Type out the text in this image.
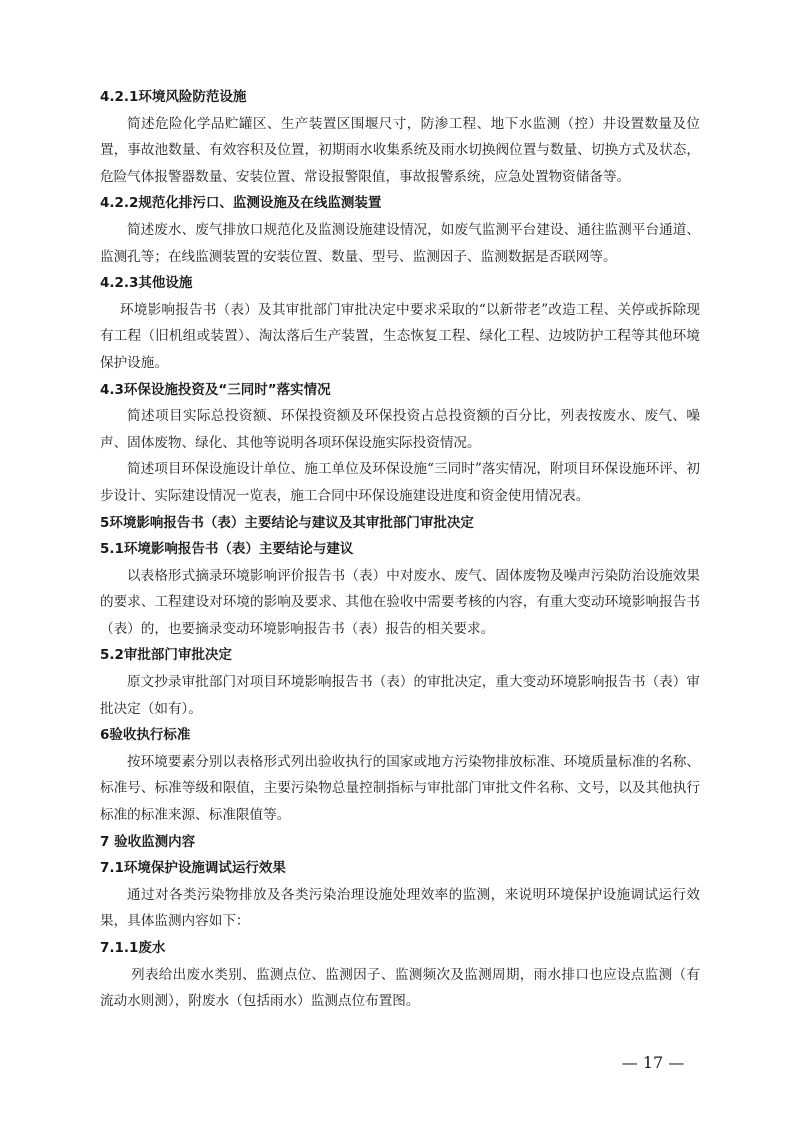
4.2.1环境风险防范设施

简述危险化学品贮罐区、生产装置区围堰尺寸，防渗工程、地下水监测（控）井设置数量及位置，事故池数量、有效容积及位置，初期雨水收集系统及雨水切换阀位置与数量、切换方式及状态，危险气体报警器数量、安装位置、常设报警限值，事故报警系统，应急处置物资储备等。

4.2.2规范化排污口、监测设施及在线监测装置

简述废水、废气排放口规范化及监测设施建设情况，如废气监测平台建设、通往监测平台通道、监测孔等；在线监测装置的安装位置、数量、型号、监测因子、监测数据是否联网等。

4.2.3其他设施

环境影响报告书（表）及其审批部门审批决定中要求采取的“以新带老”改造工程、关停或拆除现有工程（旧机组或装置）、淘汰落后生产装置，生态恢复工程、绿化工程、边坡防护工程等其他环境保护设施。

4.3环保设施投资及“三同时”落实情况

简述项目实际总投资额、环保投资额及环保投资占总投资额的百分比，列表按废水、废气、噪声、固体废物、绿化、其他等说明各项环保设施实际投资情况。

简述项目环保设施设计单位、施工单位及环保设施“三同时”落实情况，附项目环保设施环评、初步设计、实际建设情况一览表，施工合同中环保设施建设进度和资金使用情况表。

5环境影响报告书（表）主要结论与建议及其审批部门审批决定
5.1环境影响报告书（表）主要结论与建议

以表格形式摘录环境影响评价报告书（表）中对废水、废气、固体废物及噪声污染防治设施效果的要求、工程建设对环境的影响及要求、其他在验收中需要考核的内容，有重大变动环境影响报告书（表）的，也要摘录变动环境影响报告书（表）报告的相关要求。

5.2审批部门审批决定

原文抄录审批部门对项目环境影响报告书（表）的审批决定，重大变动环境影响报告书（表）审批决定（如有）。

6验收执行标准

按环境要素分别以表格形式列出验收执行的国家或地方污染物排放标准、环境质量标准的名称、标准号、标准等级和限值，主要污染物总量控制指标与审批部门审批文件名称、文号，以及其他执行标准的标准来源、标准限值等。

7 验收监测内容
7.1环境保护设施调试运行效果

通过对各类污染物排放及各类污染治理设施处理效率的监测，来说明环境保护设施调试运行效果，具体监测内容如下：

7.1.1废水

列表给出废水类别、监测点位、监测因子、监测频次及监测周期，雨水排口也应设点监测（有流动水则测），附废水（包括雨水）监测点位布置图。

— 17 —
